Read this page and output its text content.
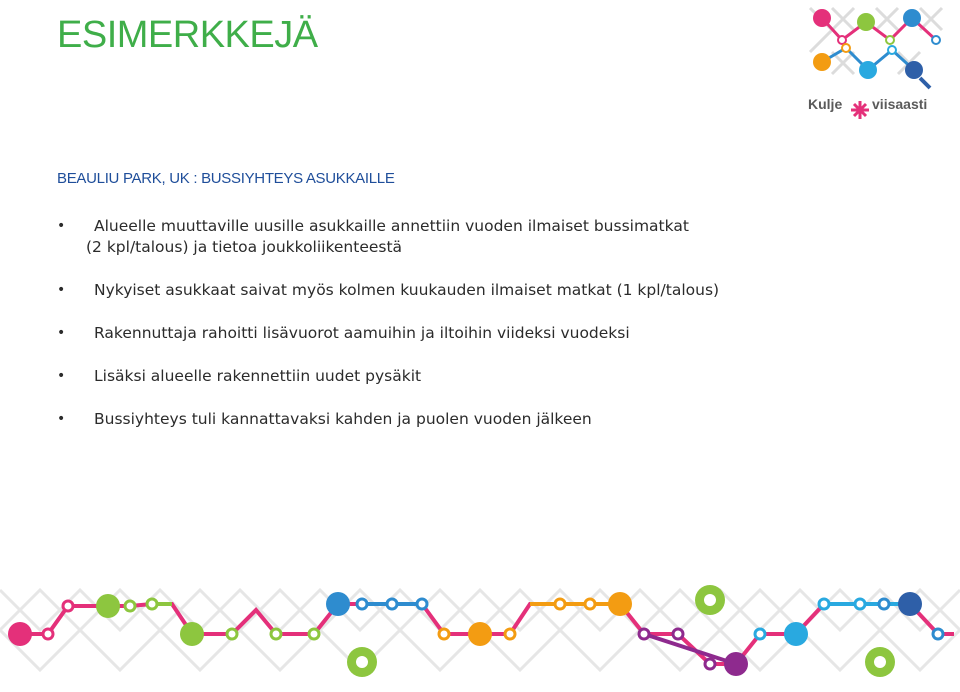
ESIMERKKEJÄ
BEAULIU PARK, UK : BUSSIYHTEYS ASUKKAILLE
• Alueelle muuttaville uusille asukkaille annettiin vuoden ilmaiset bussimatkat
(2 kpl/talous) ja tietoa joukkoliikenteestä
• Nykyiset asukkaat saivat myös kolmen kuukauden ilmaiset matkat (1 kpl/talous)
• Rakennuttaja rahoitti lisävuorot aamuihin ja iltoihin viideksi vuodeksi
• Lisäksi alueelle rakennettiin uudet pysäkit
• Bussiyhteys tuli kannattavaksi kahden ja puolen vuoden jälkeen
Kulje viisaasti
